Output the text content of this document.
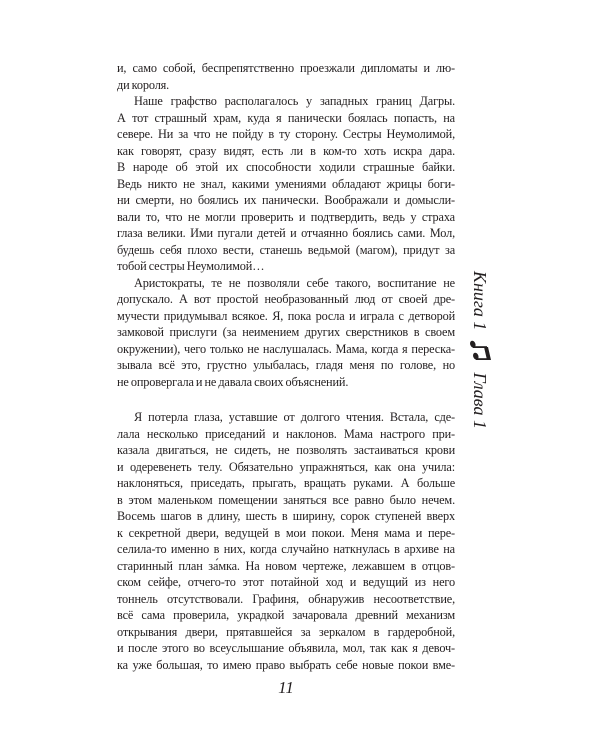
и, само собой, беспрепятственно проезжали дипломаты и лю-
ди короля.
Наше графство располагалось у западных границ Дагры.
А тот страшный храм, куда я панически боялась попасть, на
севере. Ни за что не пойду в ту сторону. Сестры Неумолимой,
как говорят, сразу видят, есть ли в ком-то хоть искра дара.
В народе об этой их способности ходили страшные байки.
Ведь никто не знал, какими умениями обладают жрицы боги-
ни смерти, но боялись их панически. Воображали и домысли-
вали то, что не могли проверить и подтвердить, ведь у страха
глаза велики. Ими пугали детей и отчаянно боялись сами. Мол,
будешь себя плохо вести, станешь ведьмой (магом), придут за
тобой сестры Неумолимой…
Аристократы, те не позволяли себе такого, воспитание не
допускало. А вот простой необразованный люд от своей дре-
мучести придумывал всякое. Я, пока росла и играла с детворой
замковой прислуги (за неимением других сверстников в своем
окружении), чего только не наслушалась. Мама, когда я переска-
зывала всё это, грустно улыбалась, гладя меня по голове, но
не опровергала и не давала своих объяснений.
Я потерла глаза, уставшие от долгого чтения. Встала, сде-
лала несколько приседаний и наклонов. Мама настрого при-
казала двигаться, не сидеть, не позволять застаиваться крови
и одеревенеть телу. Обязательно упражняться, как она учила:
наклоняться, приседать, прыгать, вращать руками. А больше
в этом маленьком помещении заняться все равно было нечем.
Восемь шагов в длину, шесть в ширину, сорок ступеней вверх
к секретной двери, ведущей в мои покои. Меня мама и пере-
селила-то именно в них, когда случайно наткнулась в архиве на
старинный план за́мка. На новом чертеже, лежавшем в отцов-
ском сейфе, отчего-то этот потайной ход и ведущий из него
тоннель отсутствовали. Графиня, обнаружив несоответствие,
всё сама проверила, украдкой зачаровала древний механизм
открывания двери, прятавшейся за зеркалом в гардеробной,
и после этого во всеуслышание объявила, мол, так как я девоч-
ка уже большая, то имею право выбрать себе новые покои вме-
Книга 1
Глава 1
11
